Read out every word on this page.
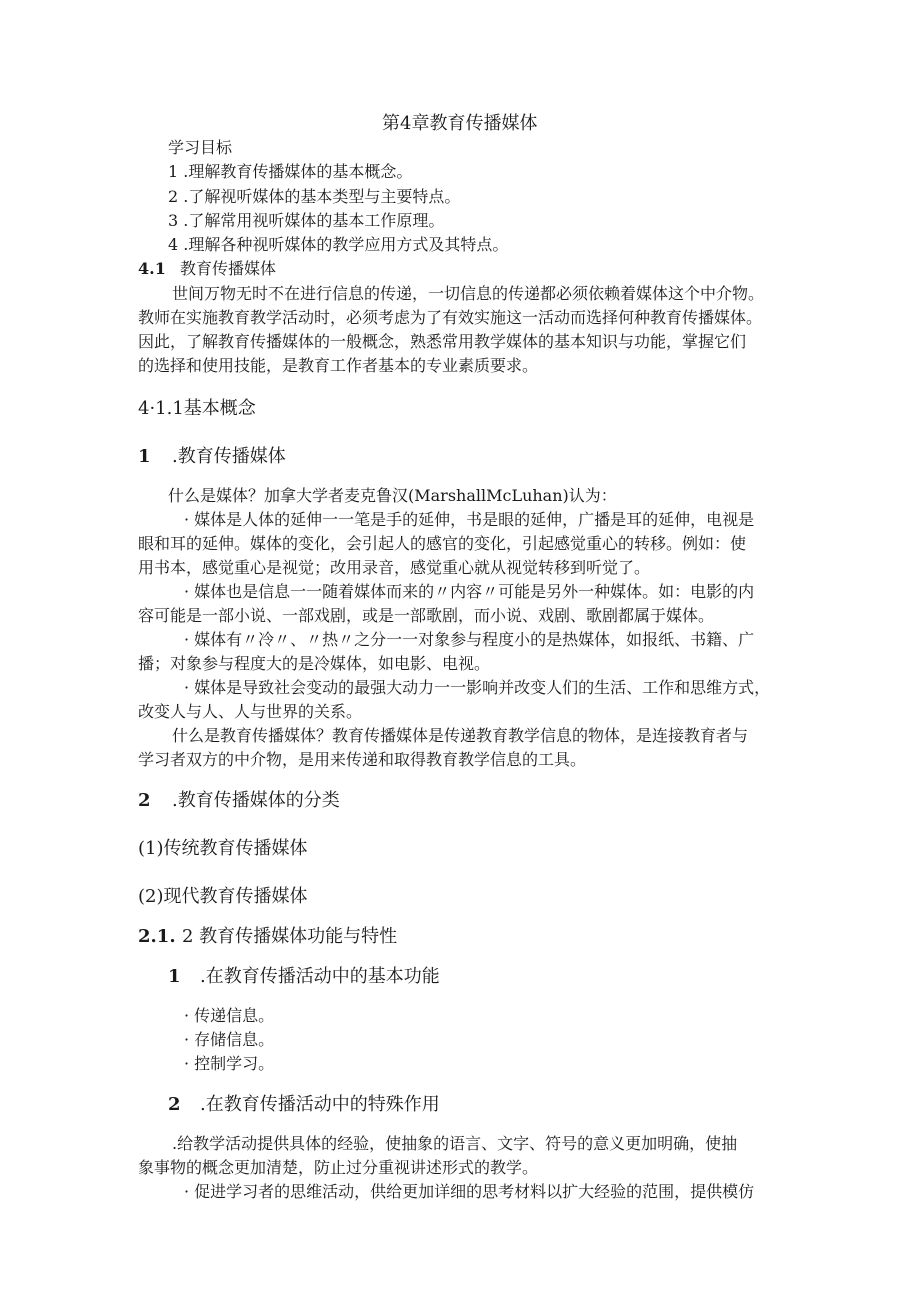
第4章教育传播媒体
学习目标
1 .理解教育传播媒体的基本概念。
2 .了解视听媒体的基本类型与主要特点。
3 .了解常用视听媒体的基本工作原理。
4 .理解各种视听媒体的教学应用方式及其特点。
4.1 教育传播媒体
世间万物无时不在进行信息的传递，一切信息的传递都必须依赖着媒体这个中介物。
教师在实施教育教学活动时，必须考虑为了有效实施这一活动而选择何种教育传播媒体。
因此，了解教育传播媒体的一般概念，熟悉常用教学媒体的基本知识与功能，掌握它们
的选择和使用技能，是教育工作者基本的专业素质要求。
4·1.1基本概念
1 .教育传播媒体
什么是媒体？加拿大学者麦克鲁汉(MarshallMcLuhan)认为：
· 媒体是人体的延伸一一笔是手的延伸，书是眼的延伸，广播是耳的延伸，电视是
眼和耳的延伸。媒体的变化，会引起人的感官的变化，引起感觉重心的转移。例如：使
用书本，感觉重心是视觉；改用录音，感觉重心就从视觉转移到听觉了。
· 媒体也是信息一一随着媒体而来的〃内容〃可能是另外一种媒体。如：电影的内
容可能是一部小说、一部戏剧，或是一部歌剧，而小说、戏剧、歌剧都属于媒体。
· 媒体有〃冷〃、〃热〃之分一一对象参与程度小的是热媒体，如报纸、书籍、广
播；对象参与程度大的是冷媒体，如电影、电视。
· 媒体是导致社会变动的最强大动力一一影响并改变人们的生活、工作和思维方式，
改变人与人、人与世界的关系。
什么是教育传播媒体？教育传播媒体是传递教育教学信息的物体，是连接教育者与
学习者双方的中介物，是用来传递和取得教育教学信息的工具。
2 .教育传播媒体的分类
(1)传统教育传播媒体
(2)现代教育传播媒体
2.1. 2 教育传播媒体功能与特性
1 .在教育传播活动中的基本功能
· 传递信息。
· 存储信息。
· 控制学习。
2 .在教育传播活动中的特殊作用
.给教学活动提供具体的经验，使抽象的语言、文字、符号的意义更加明确，使抽
象事物的概念更加清楚，防止过分重视讲述形式的教学。
· 促进学习者的思维活动，供给更加详细的思考材料以扩大经验的范围，提供模仿
